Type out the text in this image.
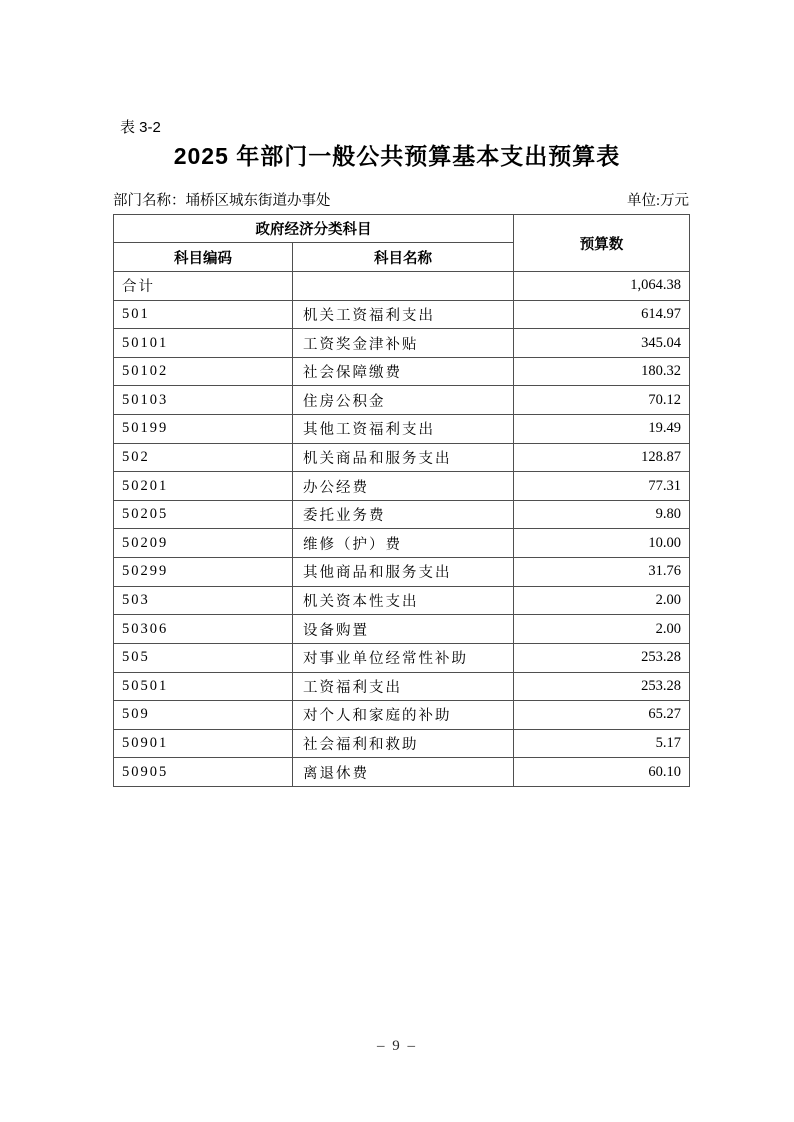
表 3-2
2025 年部门一般公共预算基本支出预算表
部门名称：埇桥区城东街道办事处	单位:万元
政府经济分类科目		预算数
科目编码	科目名称	
合计		1,064.38
501	机关工资福利支出	614.97
50101	工资奖金津补贴	345.04
50102	社会保障缴费	180.32
50103	住房公积金	70.12
50199	其他工资福利支出	19.49
502	机关商品和服务支出	128.87
50201	办公经费	77.31
50205	委托业务费	9.80
50209	维修（护）费	10.00
50299	其他商品和服务支出	31.76
503	机关资本性支出	2.00
50306	设备购置	2.00
505	对事业单位经常性补助	253.28
50501	工资福利支出	253.28
509	对个人和家庭的补助	65.27
50901	社会福利和救助	5.17
50905	离退休费	60.10
– 9 –
